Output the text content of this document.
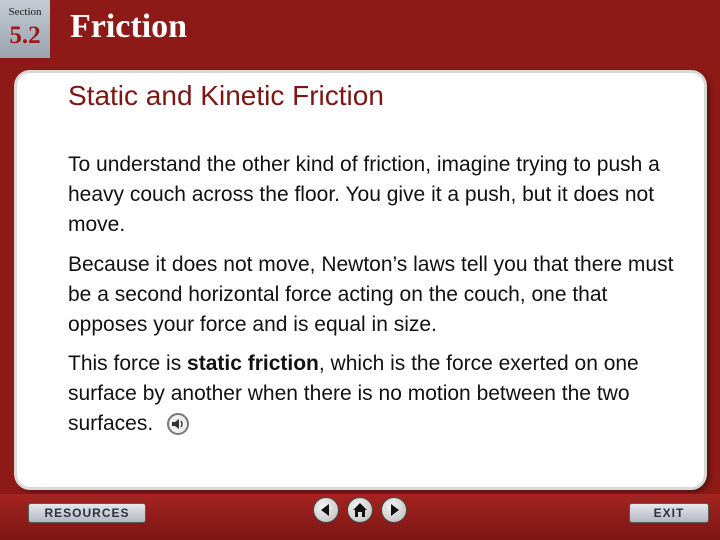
Section
5.2 Friction
Static and Kinetic Friction

To understand the other kind of friction, imagine trying to push a heavy couch across the floor. You give it a push, but it does not move.

Because it does not move, Newton’s laws tell you that there must be a second horizontal force acting on the couch, one that opposes your force and is equal in size.

This force is static friction, which is the force exerted on one surface by another when there is no motion between the two surfaces.

RESOURCES	EXIT
